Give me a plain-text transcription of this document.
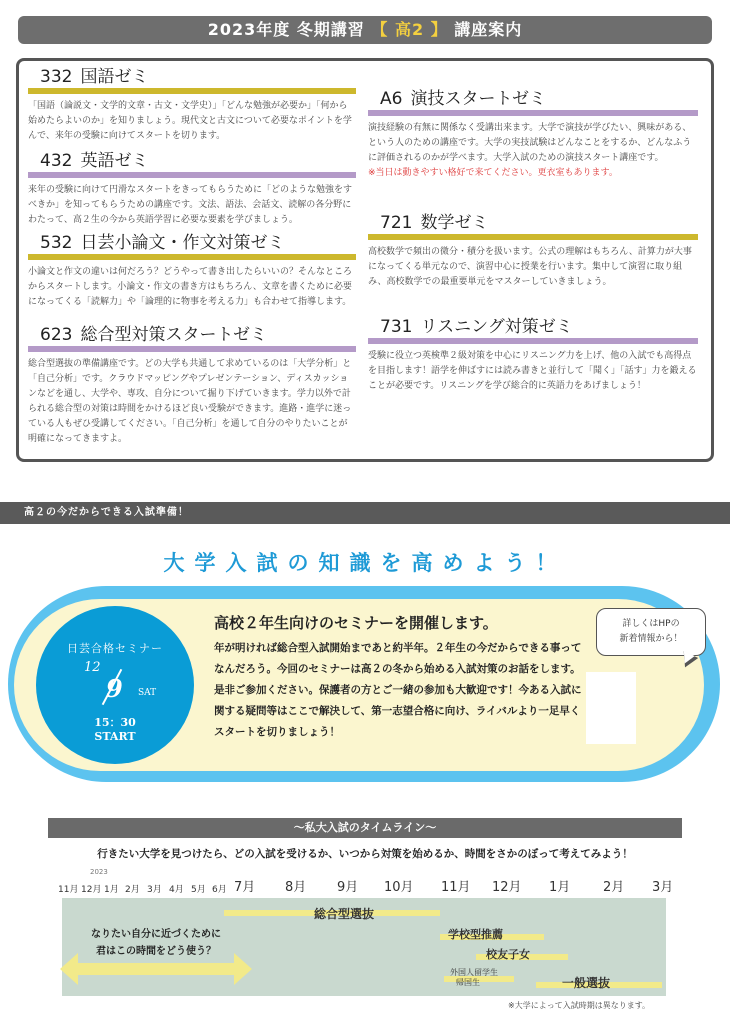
2023年度 冬期講習 【 高2 】 講座案内
332 国語ゼミ
「国語（論説文・文学的文章・古文・文学史）」「どんな勉強が必要か」「何から始めたらよいのか」を知りましょう。現代文と古文について必要なポイントを学んで、来年の受験に向けてスタートを切ります。
432 英語ゼミ
来年の受験に向けて円滑なスタートをきってもらうために「どのような勉強をすべきか」を知ってもらうための講座です。文法、語法、会話文、読解の各分野にわたって、高２生の今から英語学習に必要な要素を学びましょう。
532 日芸小論文・作文対策ゼミ
小論文と作文の違いは何だろう？どうやって書き出したらいいの？そんなところからスタートします。小論文・作文の書き方はもちろん、文章を書くために必要になってくる「読解力」や「論理的に物事を考える力」も合わせて指導します。
623 総合型対策スタートゼミ
総合型選抜の準備講座です。どの大学も共通して求めているのは「大学分析」と「自己分析」です。クラウドマッピングやプレゼンテーション、ディスカッションなどを通し、大学や、専攻、自分について掘り下げていきます。学力以外で計られる総合型の対策は時間をかけるほど良い受験ができます。進路・進学に迷っている人もぜひ受講してください。「自己分析」を通して自分のやりたいことが明確になってきますよ。
A6 演技スタートゼミ
演技経験の有無に関係なく受講出来ます。大学で演技が学びたい、興味がある、という人のための講座です。大学の実技試験はどんなことをするか、どんなふうに評価されるのかが学べます。大学入試のための演技スタート講座です。
※当日は動きやすい格好で来てください。更衣室もあります。
721 数学ゼミ
高校数学で頻出の微分・積分を扱います。公式の理解はもちろん、計算力が大事になってくる単元なので、演習中心に授業を行います。集中して演習に取り組み、高校数学での最重要単元をマスターしていきましょう。
731 リスニング対策ゼミ
受験に役立つ英検準２級対策を中心にリスニング力を上げ、他の入試でも高得点を目指します！語学を伸ばすには読み書きと並行して「聞く」「話す」力を鍛えることが必要です。リスニングを学び総合的に英語力をあげましょう！
高２の今だからできる入試準備！
大学入試の知識を高めよう！
日芸合格セミナー
12
9 SAT
15：30
START
高校２年生向けのセミナーを開催します。
年が明ければ総合型入試開始まであと約半年。２年生の今だからできる事ってなんだろう。今回のセミナーは高２の冬から始める入試対策のお話をします。是非ご参加ください。保護者の方とご一緒の参加も大歓迎です！今ある入試に関する疑問等はここで解決して、第一志望合格に向け、ライバルより一足早くスタートを切りましょう！
詳しくはHPの
新着情報から！
〜私大入試のタイムライン〜
行きたい大学を見つけたら、どの入試を受けるか、いつから対策を始めるか、時間をさかのぼって考えてみよう！
2023
11月 12月 1月 2月 3月 4月 5月 6月 7月 8月 9月 10月 11月 12月 1月	2月 3月
総合型選抜
学校型推薦
校友子女
外国人留学生
帰国生	一般選抜
なりたい自分に近づくために
君はこの時間をどう使う？
※大学によって入試時期は異なります。
